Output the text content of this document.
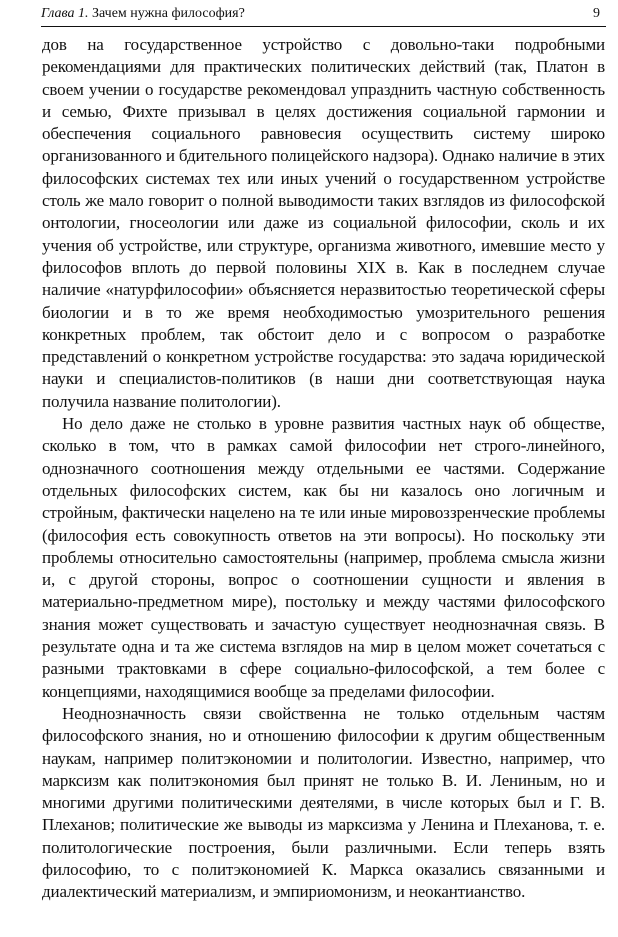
Глава 1. Зачем нужна философия?	9

дов на государственное устройство с довольно-таки подробными рекомендациями для практических политических действий (так, Платон в своем учении о государстве рекомендовал упразднить частную собственность и семью, Фихте призывал в целях достижения социальной гармонии и обеспечения социального равновесия осуществить систему широко организованного и бдительного полицейского надзора). Однако наличие в этих философских системах тех или иных учений о государственном устройстве столь же мало говорит о полной выводимости таких взглядов из философской онтологии, гносеологии или даже из социальной философии, сколь и их учения об устройстве, или структуре, организма животного, имевшие место у философов вплоть до первой половины XIX в. Как в последнем случае наличие «натурфилософии» объясняется неразвитостью теоретической сферы биологии и в то же время необходимостью умозрительного решения конкретных проблем, так обстоит дело и с вопросом о разработке представлений о конкретном устройстве государства: это задача юридической науки и специалистов-политиков (в наши дни соответствующая наука получила название политологии).

Но дело даже не столько в уровне развития частных наук об обществе, сколько в том, что в рамках самой философии нет строго-линейного, однозначного соотношения между отдельными ее частями. Содержание отдельных философских систем, как бы ни казалось оно логичным и стройным, фактически нацелено на те или иные мировоззренческие проблемы (философия есть совокупность ответов на эти вопросы). Но поскольку эти проблемы относительно самостоятельны (например, проблема смысла жизни и, с другой стороны, вопрос о соотношении сущности и явления в материально-предметном мире), постольку и между частями философского знания может существовать и зачастую существует неоднозначная связь. В результате одна и та же система взглядов на мир в целом может сочетаться с разными трактовками в сфере социально-философской, а тем более с концепциями, находящимися вообще за пределами философии.

Неоднозначность связи свойственна не только отдельным частям философского знания, но и отношению философии к другим общественным наукам, например политэкономии и политологии. Известно, например, что марксизм как политэкономия был принят не только В. И. Лениным, но и многими другими политическими деятелями, в числе которых был и Г. В. Плеханов; политические же выводы из марксизма у Ленина и Плеханова, т. е. политологические построения, были различными. Если теперь взять философию, то с политэкономией К. Маркса оказались связанными и диалектический материализм, и эмпириомонизм, и неокантианство.
